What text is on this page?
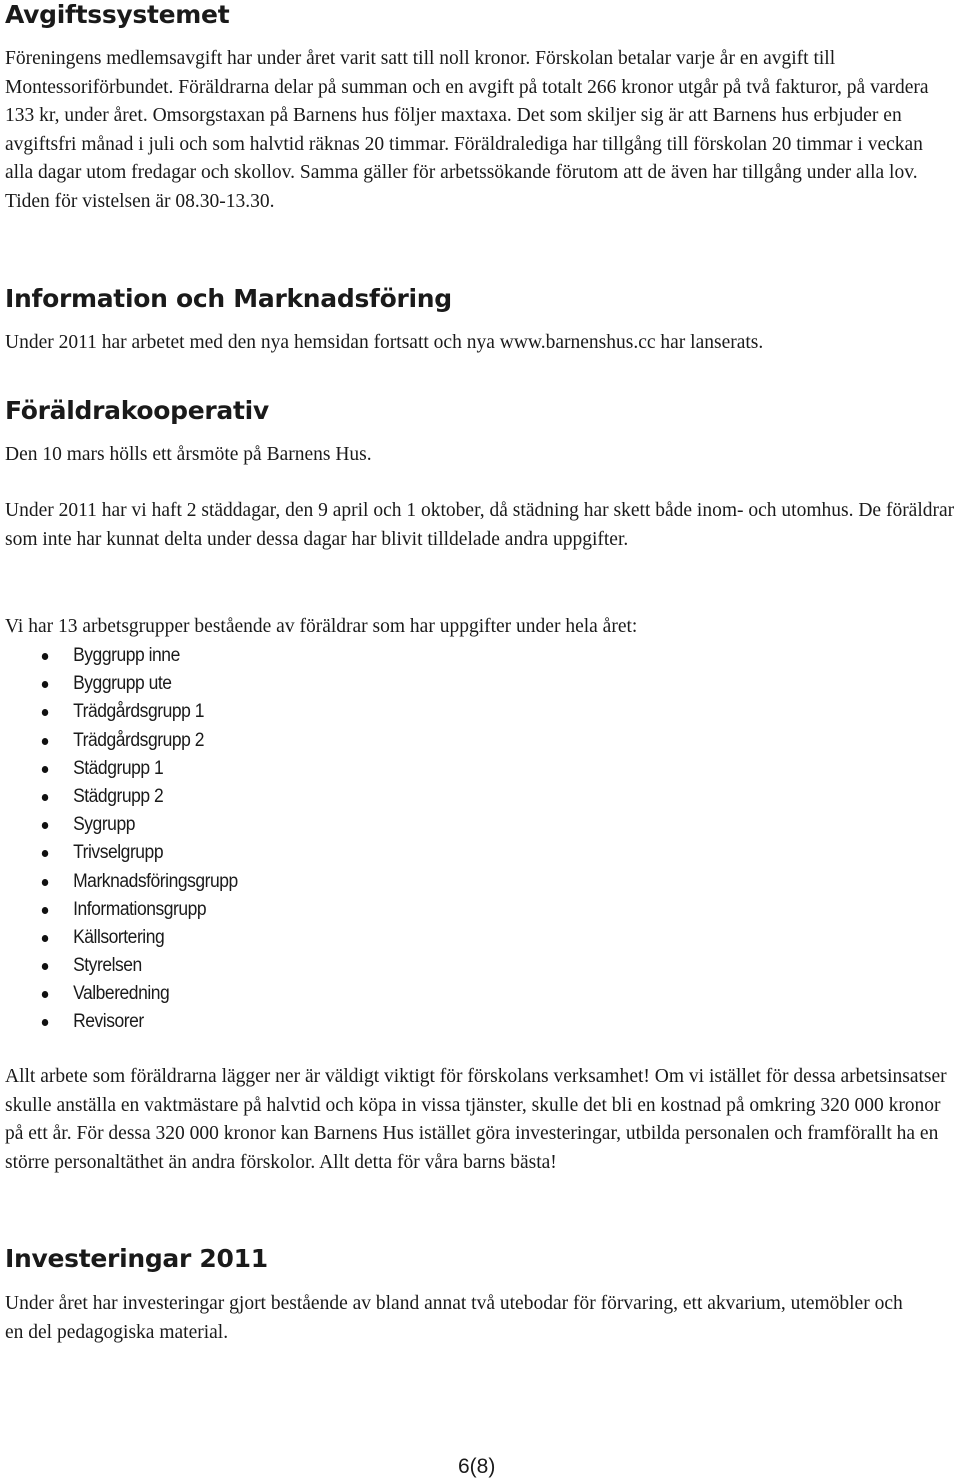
Avgiftssystemet

Föreningens medlemsavgift har under året varit satt till noll kronor. Förskolan betalar varje år en avgift till Montessoriförbundet. Föräldrarna delar på summan och en avgift på totalt 266 kronor utgår på två fakturor, på vardera 133 kr, under året. Omsorgstaxan på Barnens hus följer maxtaxa. Det som skiljer sig är att Barnens hus erbjuder en avgiftsfri månad i juli och som halvtid räknas 20 timmar. Föräldralediga har tillgång till förskolan 20 timmar i veckan alla dagar utom fredagar och skollov. Samma gäller för arbetssökande förutom att de även har tillgång under alla lov. Tiden för vistelsen är 08.30-13.30.

Information och Marknadsföring

Under 2011 har arbetet med den nya hemsidan fortsatt och nya www.barnenshus.cc har lanserats.

Föräldrakooperativ

Den 10 mars hölls ett årsmöte på Barnens Hus.

Under 2011 har vi haft 2 städdagar, den 9 april och 1 oktober, då städning har skett både inom- och utomhus. De föräldrar som inte har kunnat delta under dessa dagar har blivit tilldelade andra uppgifter.

Vi har 13 arbetsgrupper bestående av föräldrar som har uppgifter under hela året:

Byggrupp inne
Byggrupp ute
Trädgårdsgrupp 1
Trädgårdsgrupp 2
Städgrupp 1
Städgrupp 2
Sygrupp
Trivselgrupp
Marknadsföringsgrupp
Informationsgrupp
Källsortering
Styrelsen
Valberedning
Revisorer

Allt arbete som föräldrarna lägger ner är väldigt viktigt för förskolans verksamhet! Om vi istället för dessa arbetsinsatser skulle anställa en vaktmästare på halvtid och köpa in vissa tjänster, skulle det bli en kostnad på omkring 320 000 kronor på ett år. För dessa 320 000 kronor kan Barnens Hus istället göra investeringar, utbilda personalen och framförallt ha en större personaltäthet än andra förskolor. Allt detta för våra barns bästa!

Investeringar 2011

Under året har investeringar gjort bestående av bland annat två utebodar för förvaring, ett akvarium, utemöbler och en del pedagogiska material.

6(8)
